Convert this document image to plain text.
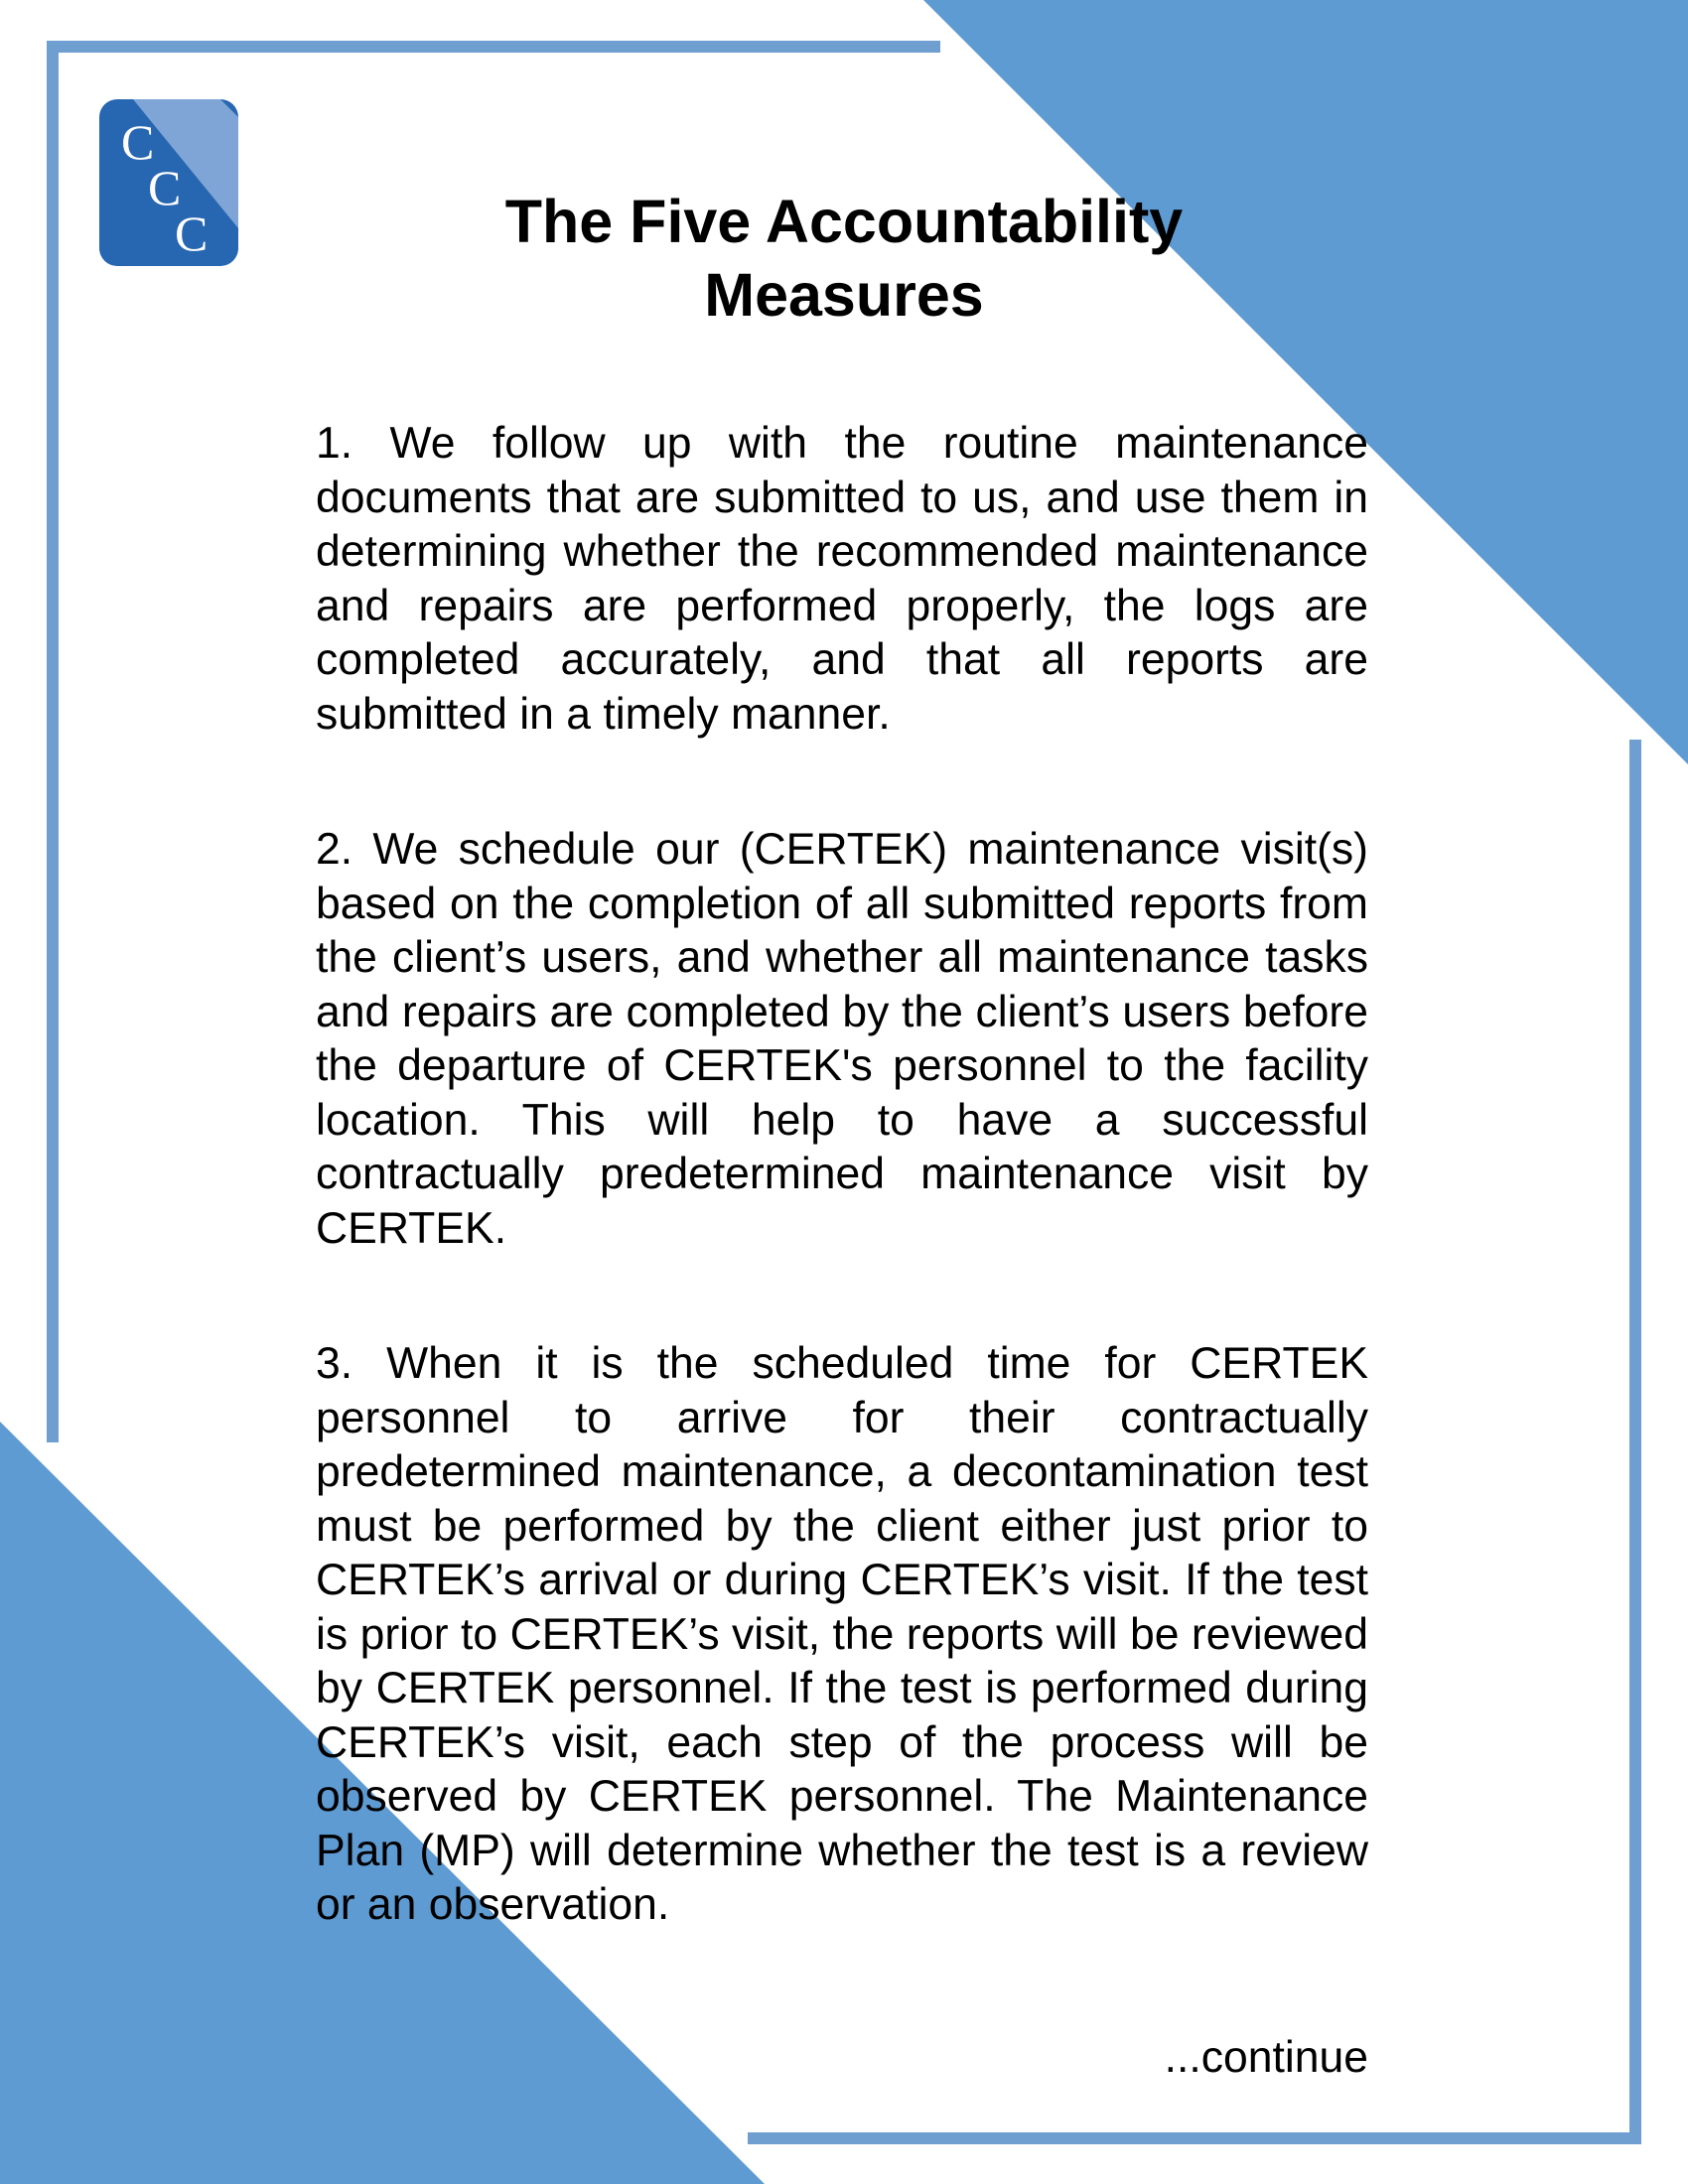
C
C
C	The Five Accountability
Measures

1. We follow up with the routine maintenance documents that are submitted to us, and use them in determining whether the recommended maintenance and repairs are performed properly, the logs are completed accurately, and that all reports are submitted in a timely manner.

2. We schedule our (CERTEK) maintenance visit(s) based on the completion of all submitted reports from the client’s users, and whether all maintenance tasks and repairs are completed by the client’s users before the departure of CERTEK's personnel to the facility location. This will help to have a successful contractually predetermined maintenance visit by CERTEK.

3. When it is the scheduled time for CERTEK personnel to arrive for their contractually predetermined maintenance, a decontamination test must be performed by the client either just prior to CERTEK’s arrival or during CERTEK’s visit. If the test is prior to CERTEK’s visit, the reports will be reviewed by CERTEK personnel. If the test is performed during CERTEK’s visit, each step of the process will be observed by CERTEK personnel. The Maintenance Plan (MP) will determine whether the test is a review or an observation.

...continue
